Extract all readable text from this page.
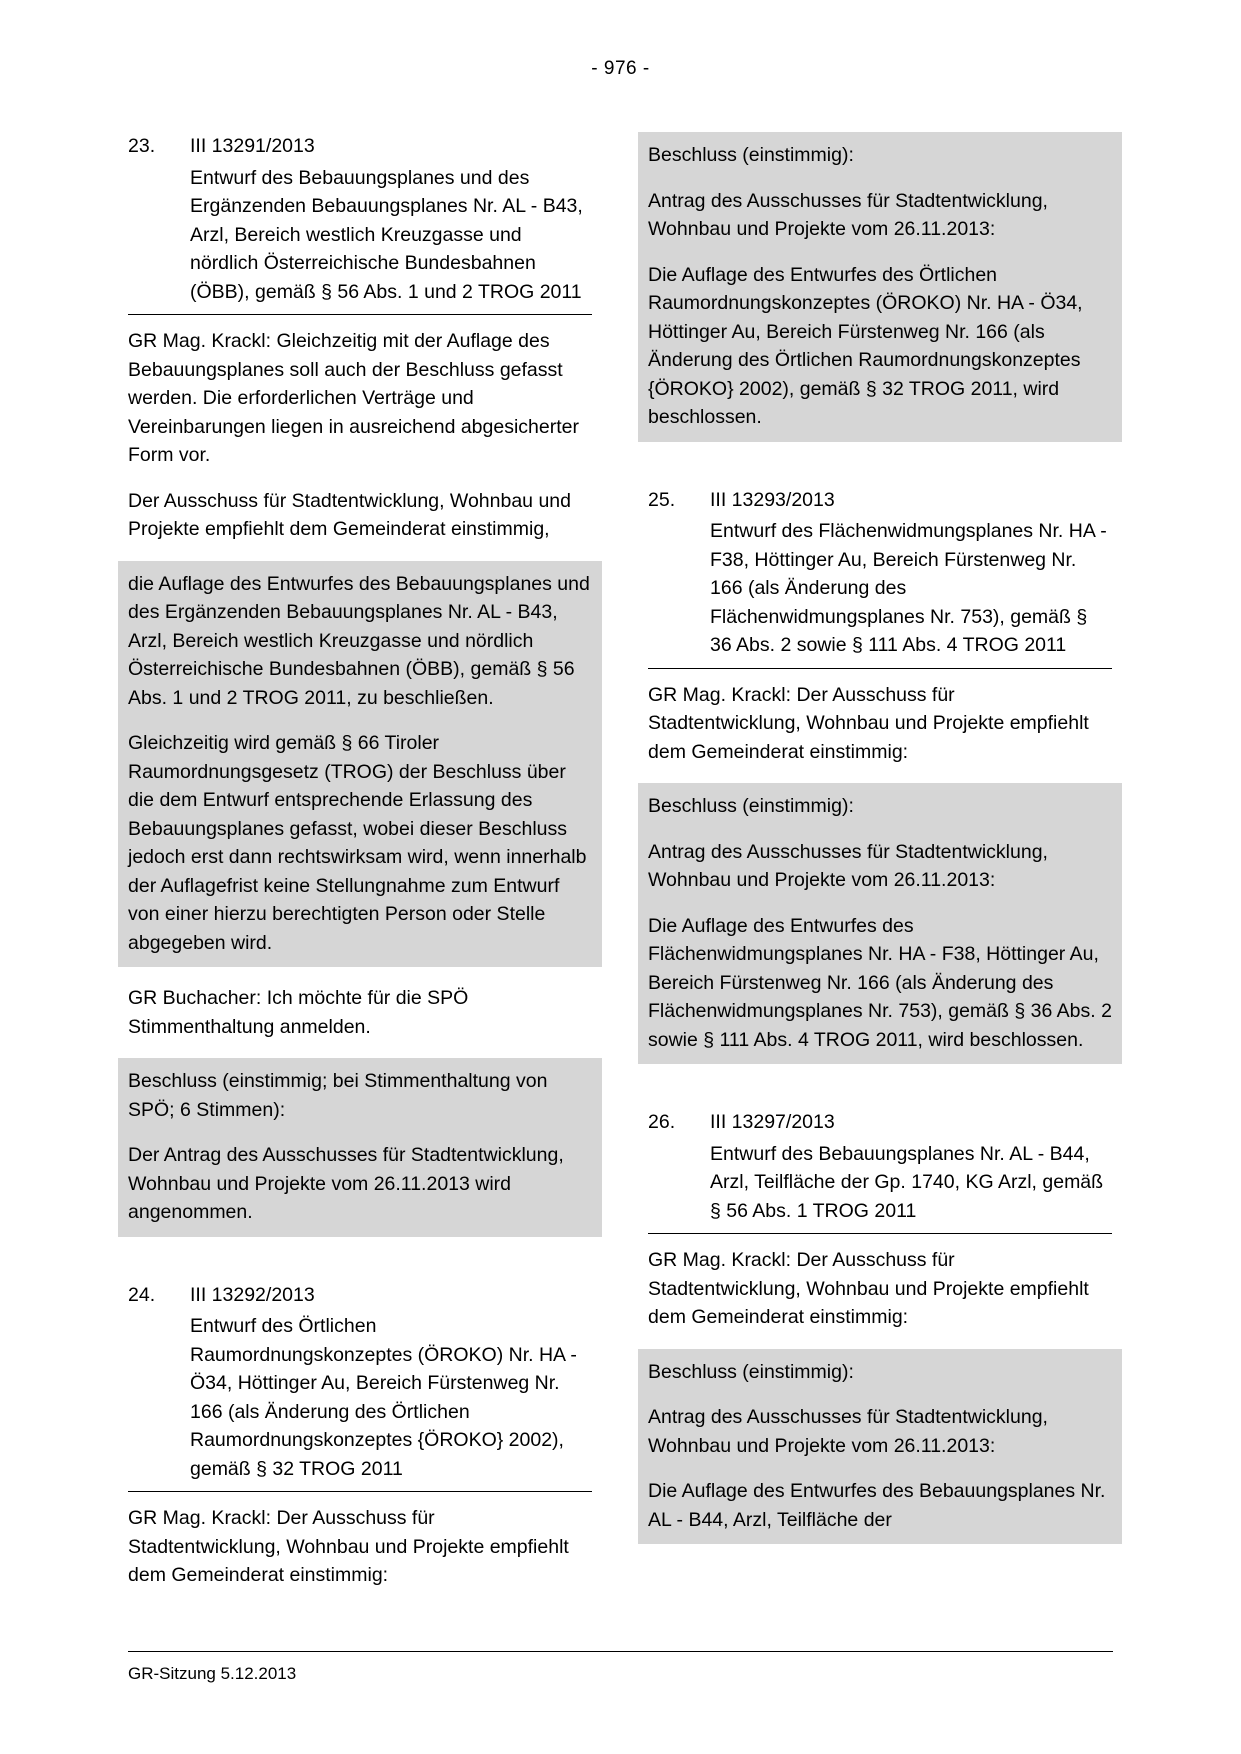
- 976 -
23.	III 13291/2013
Entwurf des Bebauungsplanes und des Ergänzenden Bebauungsplanes Nr. AL - B43, Arzl, Bereich westlich Kreuzgasse und nördlich Österreichische Bundesbahnen (ÖBB), gemäß § 56 Abs. 1 und 2 TROG 2011

GR Mag. Krackl: Gleichzeitig mit der Auflage des Bebauungsplanes soll auch der Beschluss gefasst werden. Die erforderlichen Verträge und Vereinbarungen liegen in ausreichend abgesicherter Form vor.

Der Ausschuss für Stadtentwicklung, Wohnbau und Projekte empfiehlt dem Gemeinderat einstimmig,

die Auflage des Entwurfes des Bebauungsplanes und des Ergänzenden Bebauungsplanes Nr. AL - B43, Arzl, Bereich westlich Kreuzgasse und nördlich Österreichische Bundesbahnen (ÖBB), gemäß § 56 Abs. 1 und 2 TROG 2011, zu beschließen.

Gleichzeitig wird gemäß § 66 Tiroler Raumordnungsgesetz (TROG) der Beschluss über die dem Entwurf entsprechende Erlassung des Bebauungsplanes gefasst, wobei dieser Beschluss jedoch erst dann rechtswirksam wird, wenn innerhalb der Auflagefrist keine Stellungnahme zum Entwurf von einer hierzu berechtigten Person oder Stelle abgegeben wird.

GR Buchacher: Ich möchte für die SPÖ Stimmenthaltung anmelden.

Beschluss (einstimmig; bei Stimmenthaltung von SPÖ; 6 Stimmen):

Der Antrag des Ausschusses für Stadtentwicklung, Wohnbau und Projekte vom 26.11.2013 wird angenommen.

24.	III 13292/2013
Entwurf des Örtlichen Raumordnungskonzeptes (ÖROKO) Nr. HA - Ö34, Höttinger Au, Bereich Fürstenweg Nr. 166 (als Änderung des Örtlichen Raumordnungskonzeptes {ÖROKO} 2002), gemäß § 32 TROG 2011

GR Mag. Krackl: Der Ausschuss für Stadtentwicklung, Wohnbau und Projekte empfiehlt dem Gemeinderat einstimmig:

Beschluss (einstimmig):

Antrag des Ausschusses für Stadtentwicklung, Wohnbau und Projekte vom 26.11.2013:

Die Auflage des Entwurfes des Örtlichen Raumordnungskonzeptes (ÖROKO) Nr. HA - Ö34, Höttinger Au, Bereich Fürstenweg Nr. 166 (als Änderung des Örtlichen Raumordnungskonzeptes {ÖROKO} 2002), gemäß § 32 TROG 2011, wird beschlossen.

25.	III 13293/2013
Entwurf des Flächenwidmungsplanes Nr. HA - F38, Höttinger Au, Bereich Fürstenweg Nr. 166 (als Änderung des Flächenwidmungsplanes Nr. 753), gemäß § 36 Abs. 2 sowie § 111 Abs. 4 TROG 2011

GR Mag. Krackl: Der Ausschuss für Stadtentwicklung, Wohnbau und Projekte empfiehlt dem Gemeinderat einstimmig:

Beschluss (einstimmig):

Antrag des Ausschusses für Stadtentwicklung, Wohnbau und Projekte vom 26.11.2013:

Die Auflage des Entwurfes des Flächenwidmungsplanes Nr. HA - F38, Höttinger Au, Bereich Fürstenweg Nr. 166 (als Änderung des Flächenwidmungsplanes Nr. 753), gemäß § 36 Abs. 2 sowie § 111 Abs. 4 TROG 2011, wird beschlossen.

26.	III 13297/2013
Entwurf des Bebauungsplanes Nr. AL - B44, Arzl, Teilfläche der Gp. 1740, KG Arzl, gemäß § 56 Abs. 1 TROG 2011

GR Mag. Krackl: Der Ausschuss für Stadtentwicklung, Wohnbau und Projekte empfiehlt dem Gemeinderat einstimmig:

Beschluss (einstimmig):

Antrag des Ausschusses für Stadtentwicklung, Wohnbau und Projekte vom 26.11.2013:

Die Auflage des Entwurfes des Bebauungsplanes Nr. AL - B44, Arzl, Teilfläche der

GR-Sitzung 5.12.2013
